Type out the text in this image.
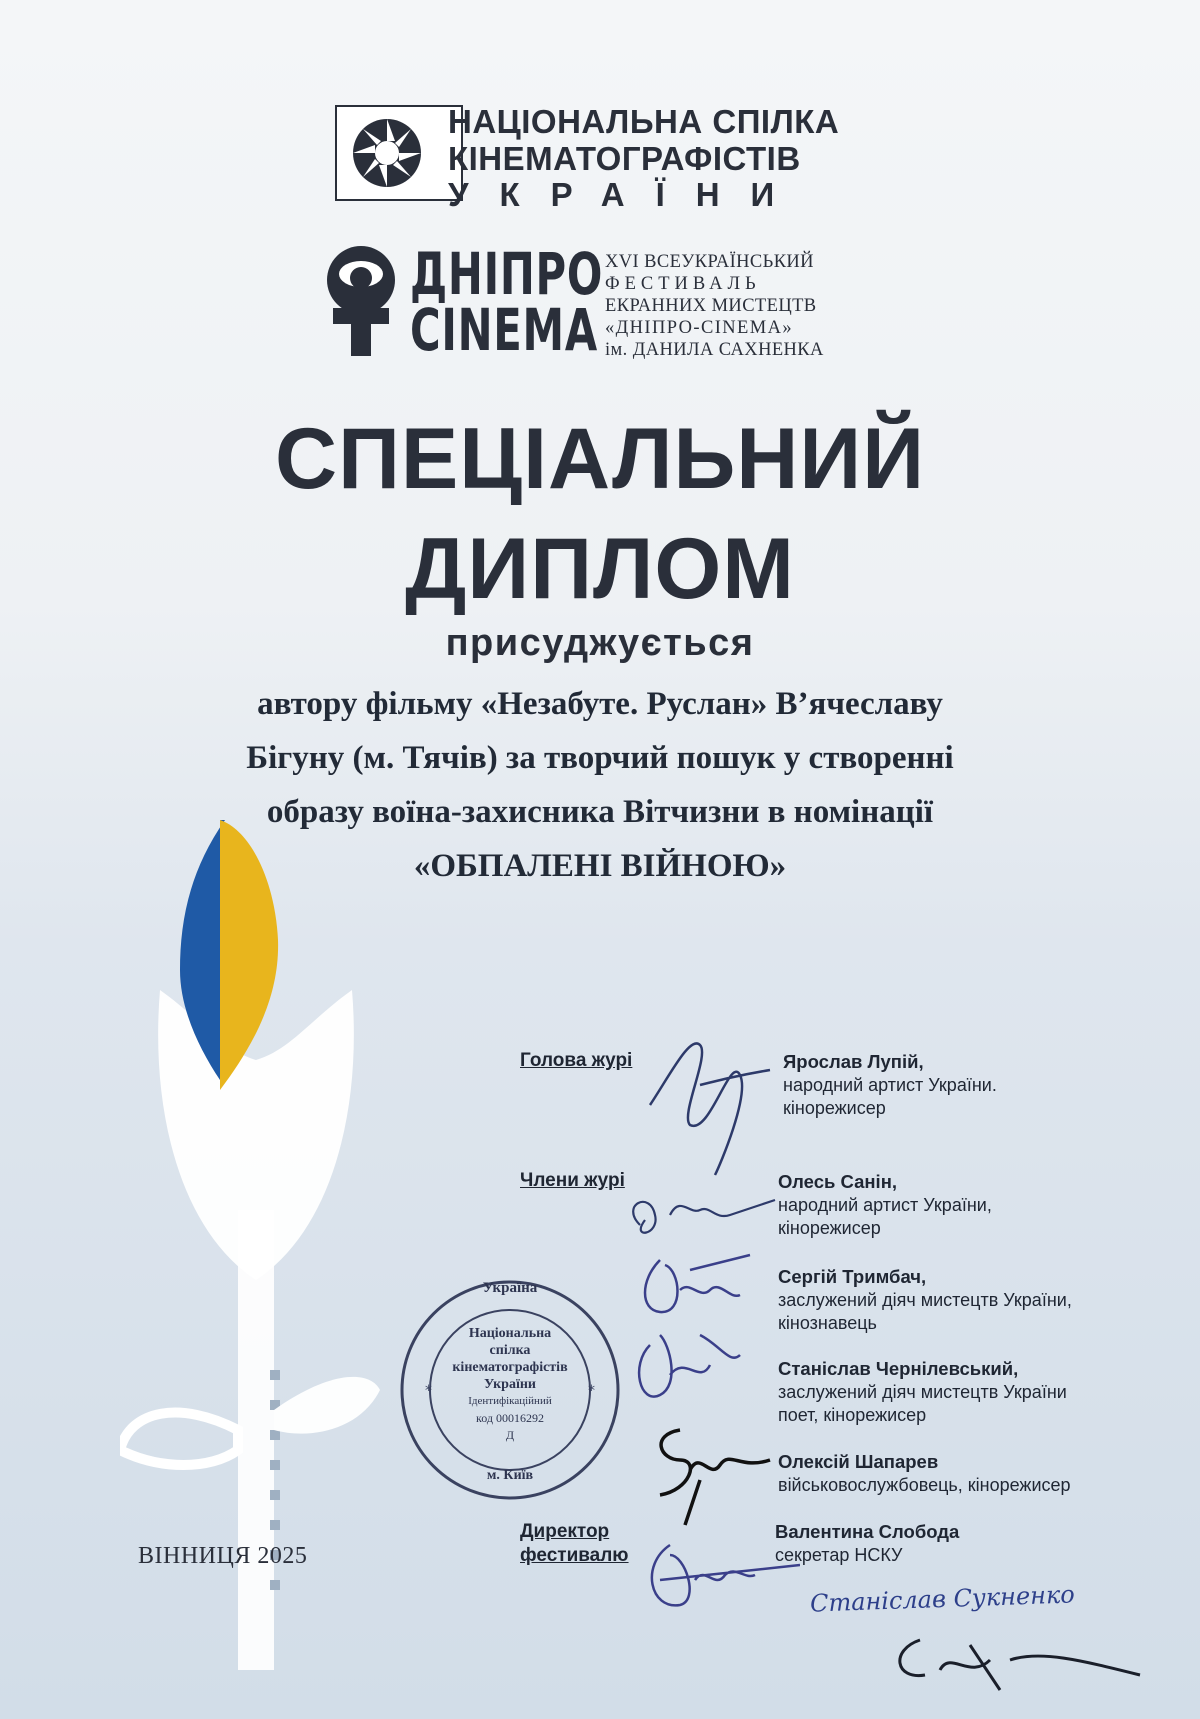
НАЦІОНАЛЬНА СПІЛКА
КІНЕМАТОГРАФІСТІВ
УКРАЇНИ
ДНІПРО
CINEMA
XVI ВСЕУКРАЇНСЬКИЙ
ФЕСТИВАЛЬ
ЕКРАННИХ МИСТЕЦТВ
«ДНІПРО-CINEMA»
ім. ДАНИЛА САХНЕНКА
СПЕЦІАЛЬНИЙ
ДИПЛОМ
присуджується
автору фільму «Незабуте. Руслан» В’ячеславу
Бігуну (м. Тячів) за творчий пошук у створенні
образу воїна-захисника Вітчизни в номінації
«ОБПАЛЕНІ ВІЙНОЮ»
Голова журі
Члени журі
Директор
фестивалю
Ярослав Лупій,
народний артист України.
кінорежисер
Олесь Санін,
народний артист України,
кінорежисер
Сергій Тримбач,
заслужений діяч мистецтв України,
кінознавець
Станіслав Чернілевський,
заслужений діяч мистецтв України
поет, кінорежисер
Олексій Шапарев
військовослужбовець, кінорежисер
Валентина Слобода
секретар НСКУ
ВІННИЦЯ 2025
*	*
Україна
Національна
спілка
кінематографістів
України
Ідентифікаційний
код 00016292
Д
м. Київ
Станіслав Сукненко
